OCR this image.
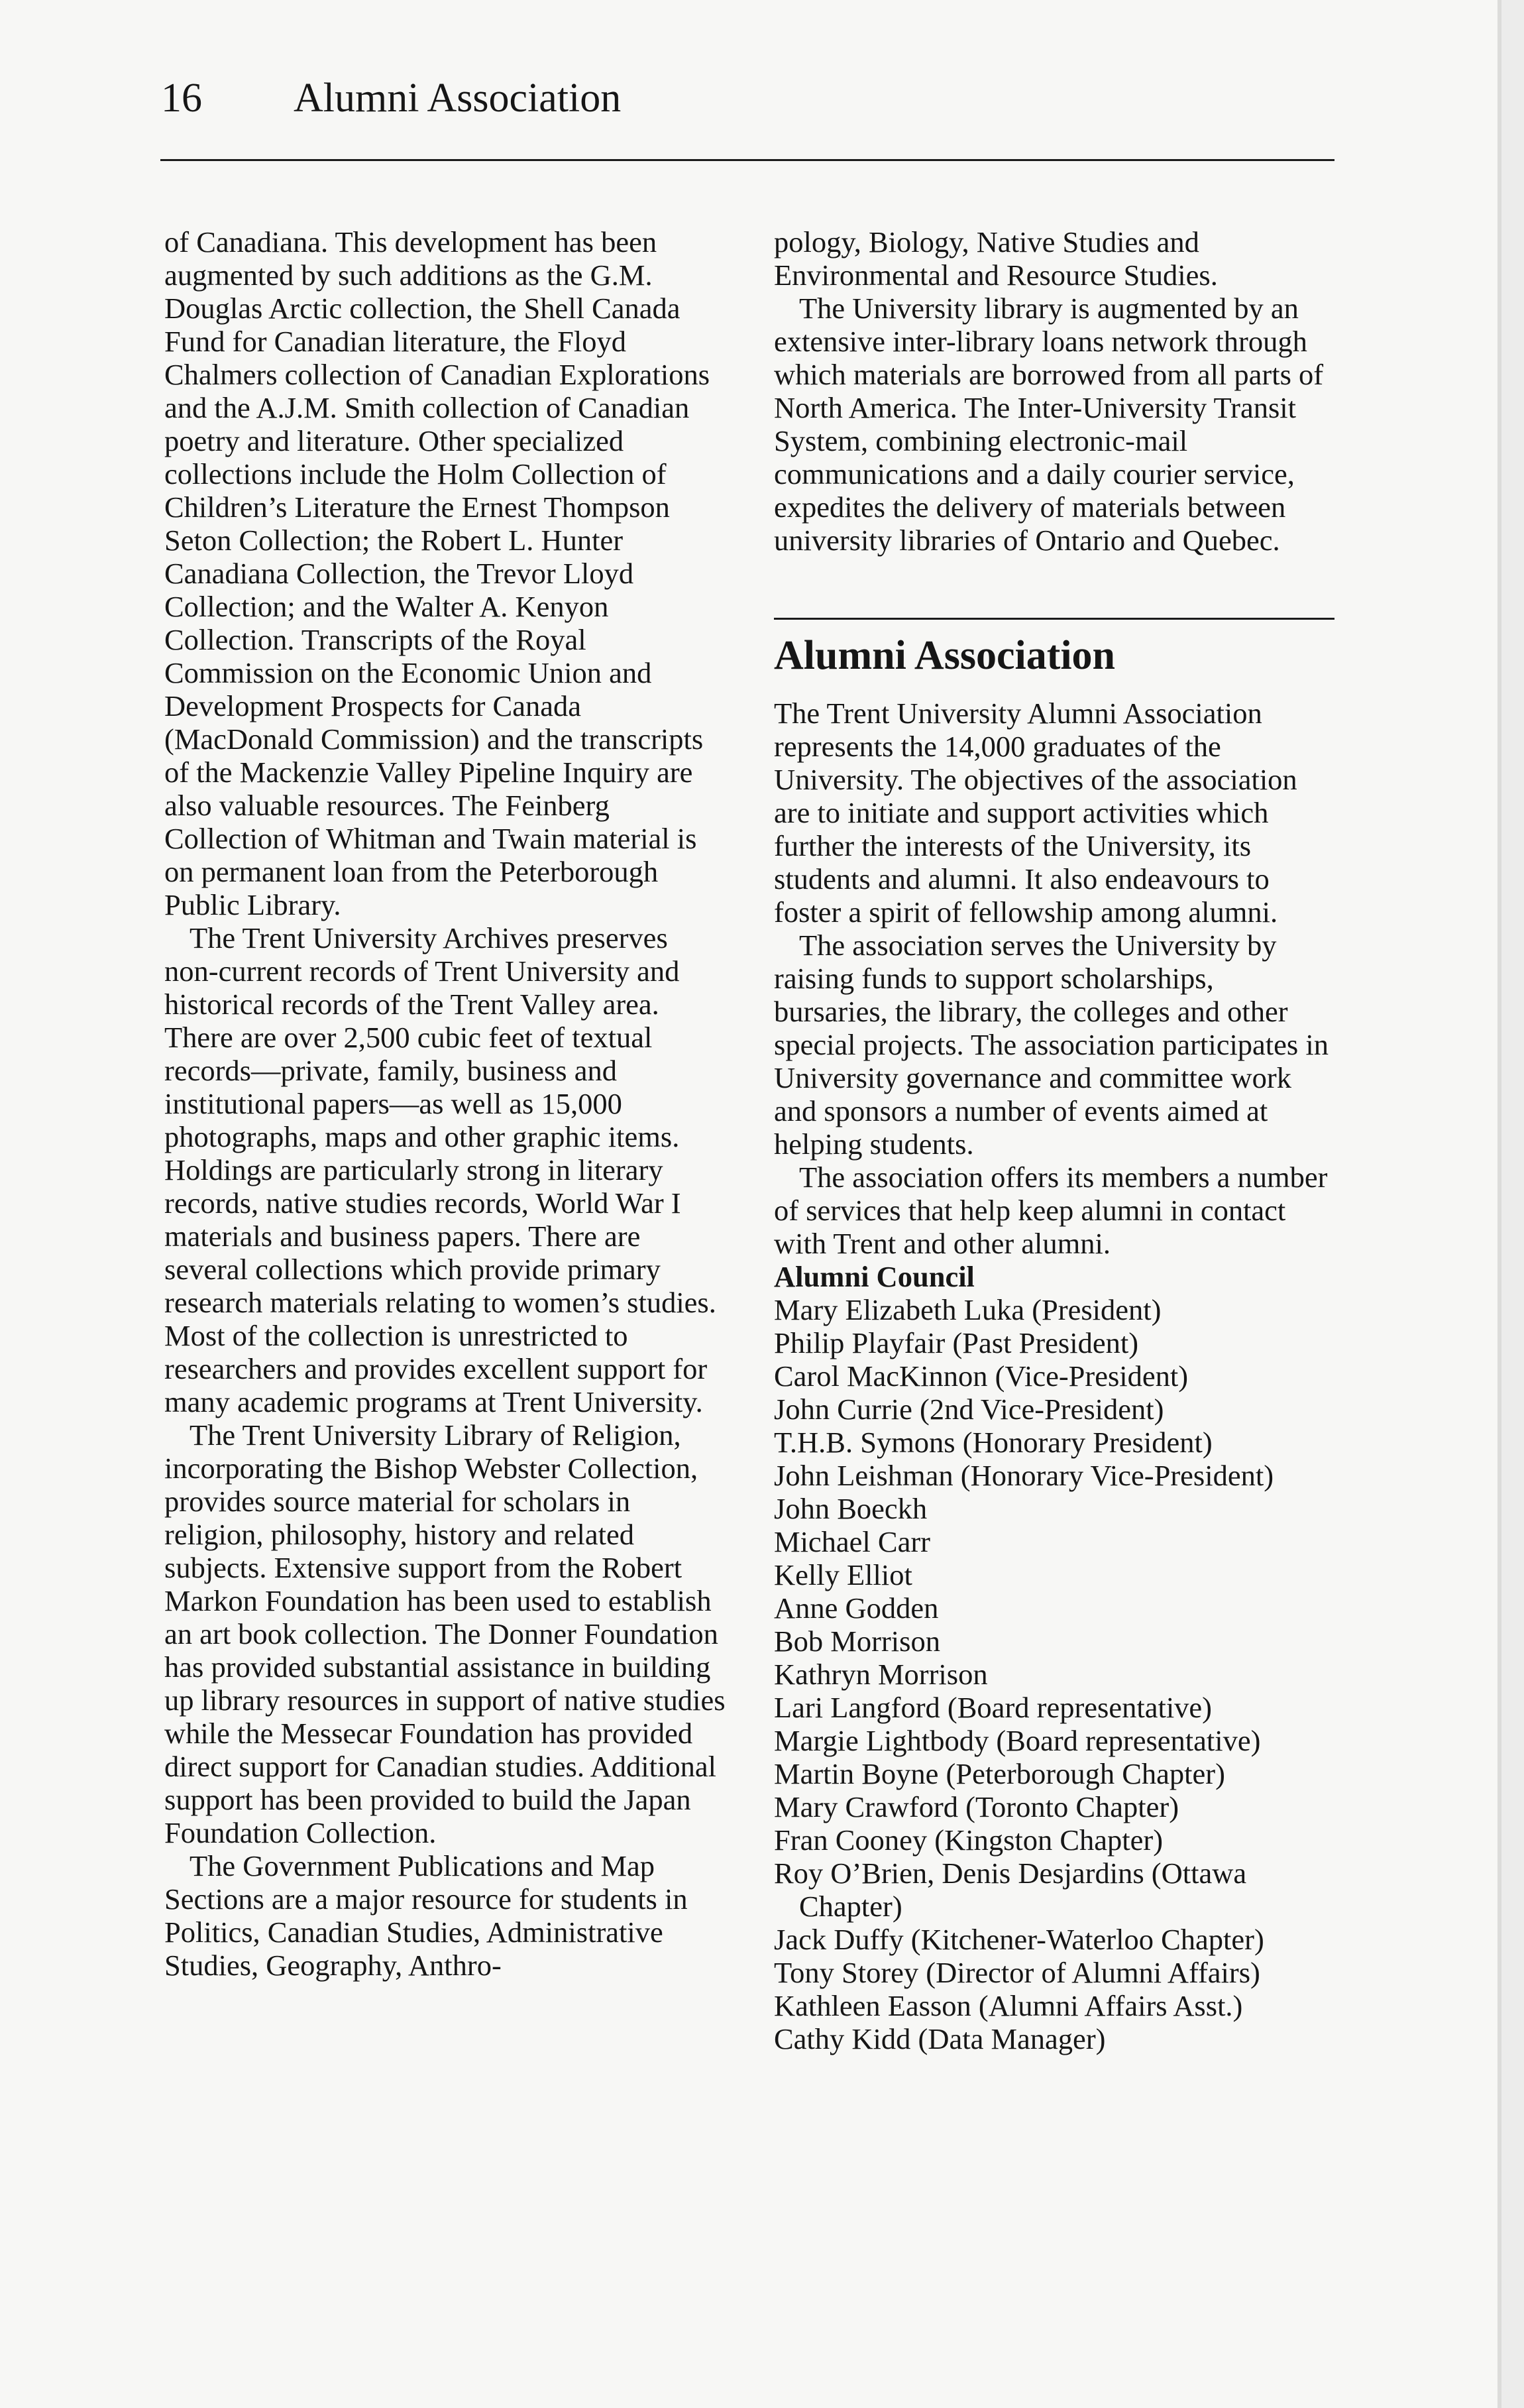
16 Alumni Association

of Canadiana. This development has been augmented by such additions as the G.M. Douglas Arctic collection, the Shell Canada Fund for Canadian literature, the Floyd Chalmers collection of Canadian Explorations and the A.J.M. Smith collection of Canadian poetry and literature. Other specialized collections include the Holm Collection of Children’s Literature the Ernest Thompson Seton Collection; the Robert L. Hunter Canadiana Collection, the Trevor Lloyd Collection; and the Walter A. Kenyon Collection. Transcripts of the Royal Commission on the Economic Union and Development Prospects for Canada (MacDonald Commission) and the transcripts of the Mackenzie Valley Pipeline Inquiry are also valuable resources. The Feinberg Collection of Whitman and Twain material is on permanent loan from the Peterborough Public Library.

The Trent University Archives preserves non-current records of Trent University and historical records of the Trent Valley area. There are over 2,500 cubic feet of textual records—private, family, business and institutional papers—as well as 15,000 photographs, maps and other graphic items. Holdings are particularly strong in literary records, native studies records, World War I materials and business papers. There are several collections which provide primary research materials relating to women’s studies. Most of the collection is unrestricted to researchers and provides excellent support for many academic programs at Trent University.

The Trent University Library of Religion, incorporating the Bishop Webster Collection, provides source material for scholars in religion, philosophy, history and related subjects. Extensive support from the Robert Markon Foundation has been used to establish an art book collection. The Donner Foundation has provided substantial assistance in building up library resources in support of native studies while the Messecar Foundation has provided direct support for Canadian studies. Additional support has been provided to build the Japan Foundation Collection.

The Government Publications and Map Sections are a major resource for students in Politics, Canadian Studies, Administrative Studies, Geography, Anthro-

pology, Biology, Native Studies and Environmental and Resource Studies.

The University library is augmented by an extensive inter-library loans network through which materials are borrowed from all parts of North America. The Inter-University Transit System, combining electronic-mail communications and a daily courier service, expedites the delivery of materials between university libraries of Ontario and Quebec.

Alumni Association

The Trent University Alumni Association represents the 14,000 graduates of the University. The objectives of the association are to initiate and support activities which further the interests of the University, its students and alumni. It also endeavours to foster a spirit of fellowship among alumni.

The association serves the University by raising funds to support scholarships, bursaries, the library, the colleges and other special projects. The association participates in University governance and committee work and sponsors a number of events aimed at helping students.

The association offers its members a number of services that help keep alumni in contact with Trent and other alumni.

Alumni Council

Mary Elizabeth Luka (President)
Philip Playfair (Past President)
Carol MacKinnon (Vice-President)
John Currie (2nd Vice-President)
T.H.B. Symons (Honorary President)
John Leishman (Honorary Vice-President)
John Boeckh
Michael Carr
Kelly Elliot
Anne Godden
Bob Morrison
Kathryn Morrison
Lari Langford (Board representative)
Margie Lightbody (Board representative)
Martin Boyne (Peterborough Chapter)
Mary Crawford (Toronto Chapter)
Fran Cooney (Kingston Chapter)
Roy O’Brien, Denis Desjardins (Ottawa Chapter)
Jack Duffy (Kitchener-Waterloo Chapter)
Tony Storey (Director of Alumni Affairs)
Kathleen Easson (Alumni Affairs Asst.)
Cathy Kidd (Data Manager)
